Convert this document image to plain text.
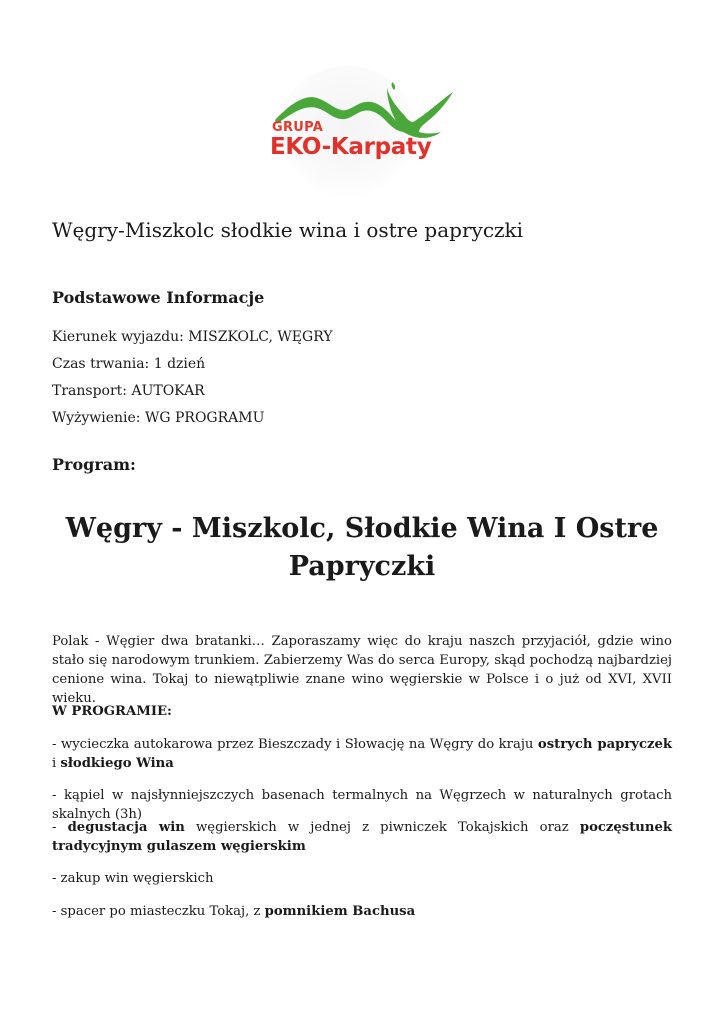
GRUPA
EKO-Karpaty
Węgry-Miszkolc słodkie wina i ostre papryczki
Podstawowe Informacje

Kierunek wyjazdu: MISZKOLC, WĘGRY

Czas trwania: 1 dzień

Transport: AUTOKAR

Wyżywienie: WG PROGRAMU

Program:
Węgry - Miszkolc, Słodkie Wina I Ostre Papryczki

Polak - Węgier dwa bratanki… Zaporaszamy więc do kraju naszch przyjaciół, gdzie wino stało się narodowym trunkiem. Zabierzemy Was do serca Europy, skąd pochodzą najbardziej cenione wina. Tokaj to niewątpliwie znane wino węgierskie w Polsce i o już od XVI, XVII wieku.

W PROGRAMIE:

- wycieczka autokarowa przez Bieszczady i Słowację na Węgry do kraju ostrych papryczek i słodkiego Wina

- kąpiel w najsłynniejszczych basenach termalnych na Węgrzech w naturalnych grotach skalnych (3h)

- degustacja win węgierskich w jednej z piwniczek Tokajskich oraz poczęstunek tradycyjnym gulaszem węgierskim

- zakup win węgierskich

- spacer po miasteczku Tokaj, z pomnikiem Bachusa
